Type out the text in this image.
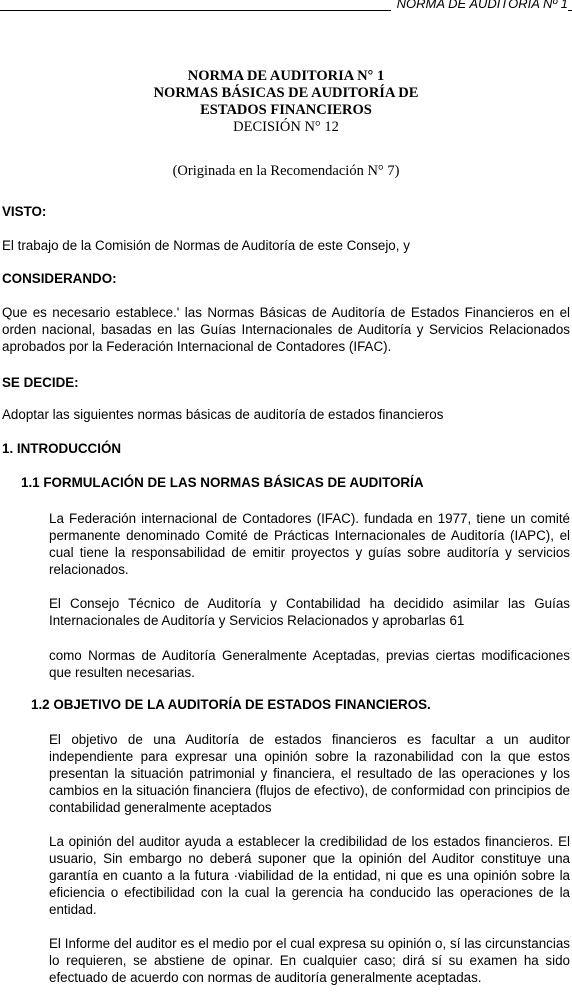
NORMA DE AUDITORIA Nº 1
NORMA DE AUDITORIA N° 1
NORMAS BÁSICAS DE AUDITORÍA DE
ESTADOS FINANCIEROS
DECISIÓN N° 12
(Originada en la Recomendación N° 7)
VISTO:
El trabajo de la Comisión de Normas de Auditoría de este Consejo, y
CONSIDERANDO:
Que es necesario establece.' las Normas Básicas de Auditoría de Estados Financieros en el orden nacional, basadas en las Guías Internacionales de Auditoría y Servicios Relacionados aprobados por la Federación Internacional de Contadores (IFAC).
SE DECIDE:
Adoptar las siguientes normas básicas de auditoría de estados financieros
1. INTRODUCCIÓN
1.1 FORMULACIÓN DE LAS NORMAS BÁSICAS DE AUDITORÍA
La Federación internacional de Contadores (IFAC). fundada en 1977, tiene un comité permanente denominado Comité de Prácticas Internacionales de Auditoría (IAPC), el cual tiene la responsabilidad de emitir proyectos y guías sobre auditoría y servicios relacionados.
El Consejo Técnico de Auditoría y Contabilidad ha decidido asimilar las Guías Internacionales de Auditoría y Servicios Relacionados y aprobarlas 61
como Normas de Auditoría Generalmente Aceptadas, previas ciertas modificaciones que resulten necesarias.
1.2 OBJETIVO DE LA AUDITORÍA DE ESTADOS FINANCIEROS.
El objetivo de una Auditoría de estados financieros es facultar a un auditor independiente para expresar una opinión sobre la razonabilidad con la que estos presentan la situación patrimonial y financiera, el resultado de las operaciones y los cambios en la situación financiera (flujos de efectivo), de conformidad con principios de contabilidad generalmente aceptados
La opinión del auditor ayuda a establecer la credibilidad de los estados financieros. El usuario, Sin embargo no deberá suponer que la opinión del Auditor constituye una garantía en cuanto a la futura ·viabilidad de la entidad, ni que es una opinión sobre la eficiencia o efectibilidad con la cual la gerencia ha conducido las operaciones de la entidad.
El Informe del auditor es el medio por el cual expresa su opinión o, sí las circunstancias lo requieren, se abstiene de opinar. En cualquier caso; dirá sí su examen ha sido efectuado de acuerdo con normas de auditoría generalmente aceptadas.
